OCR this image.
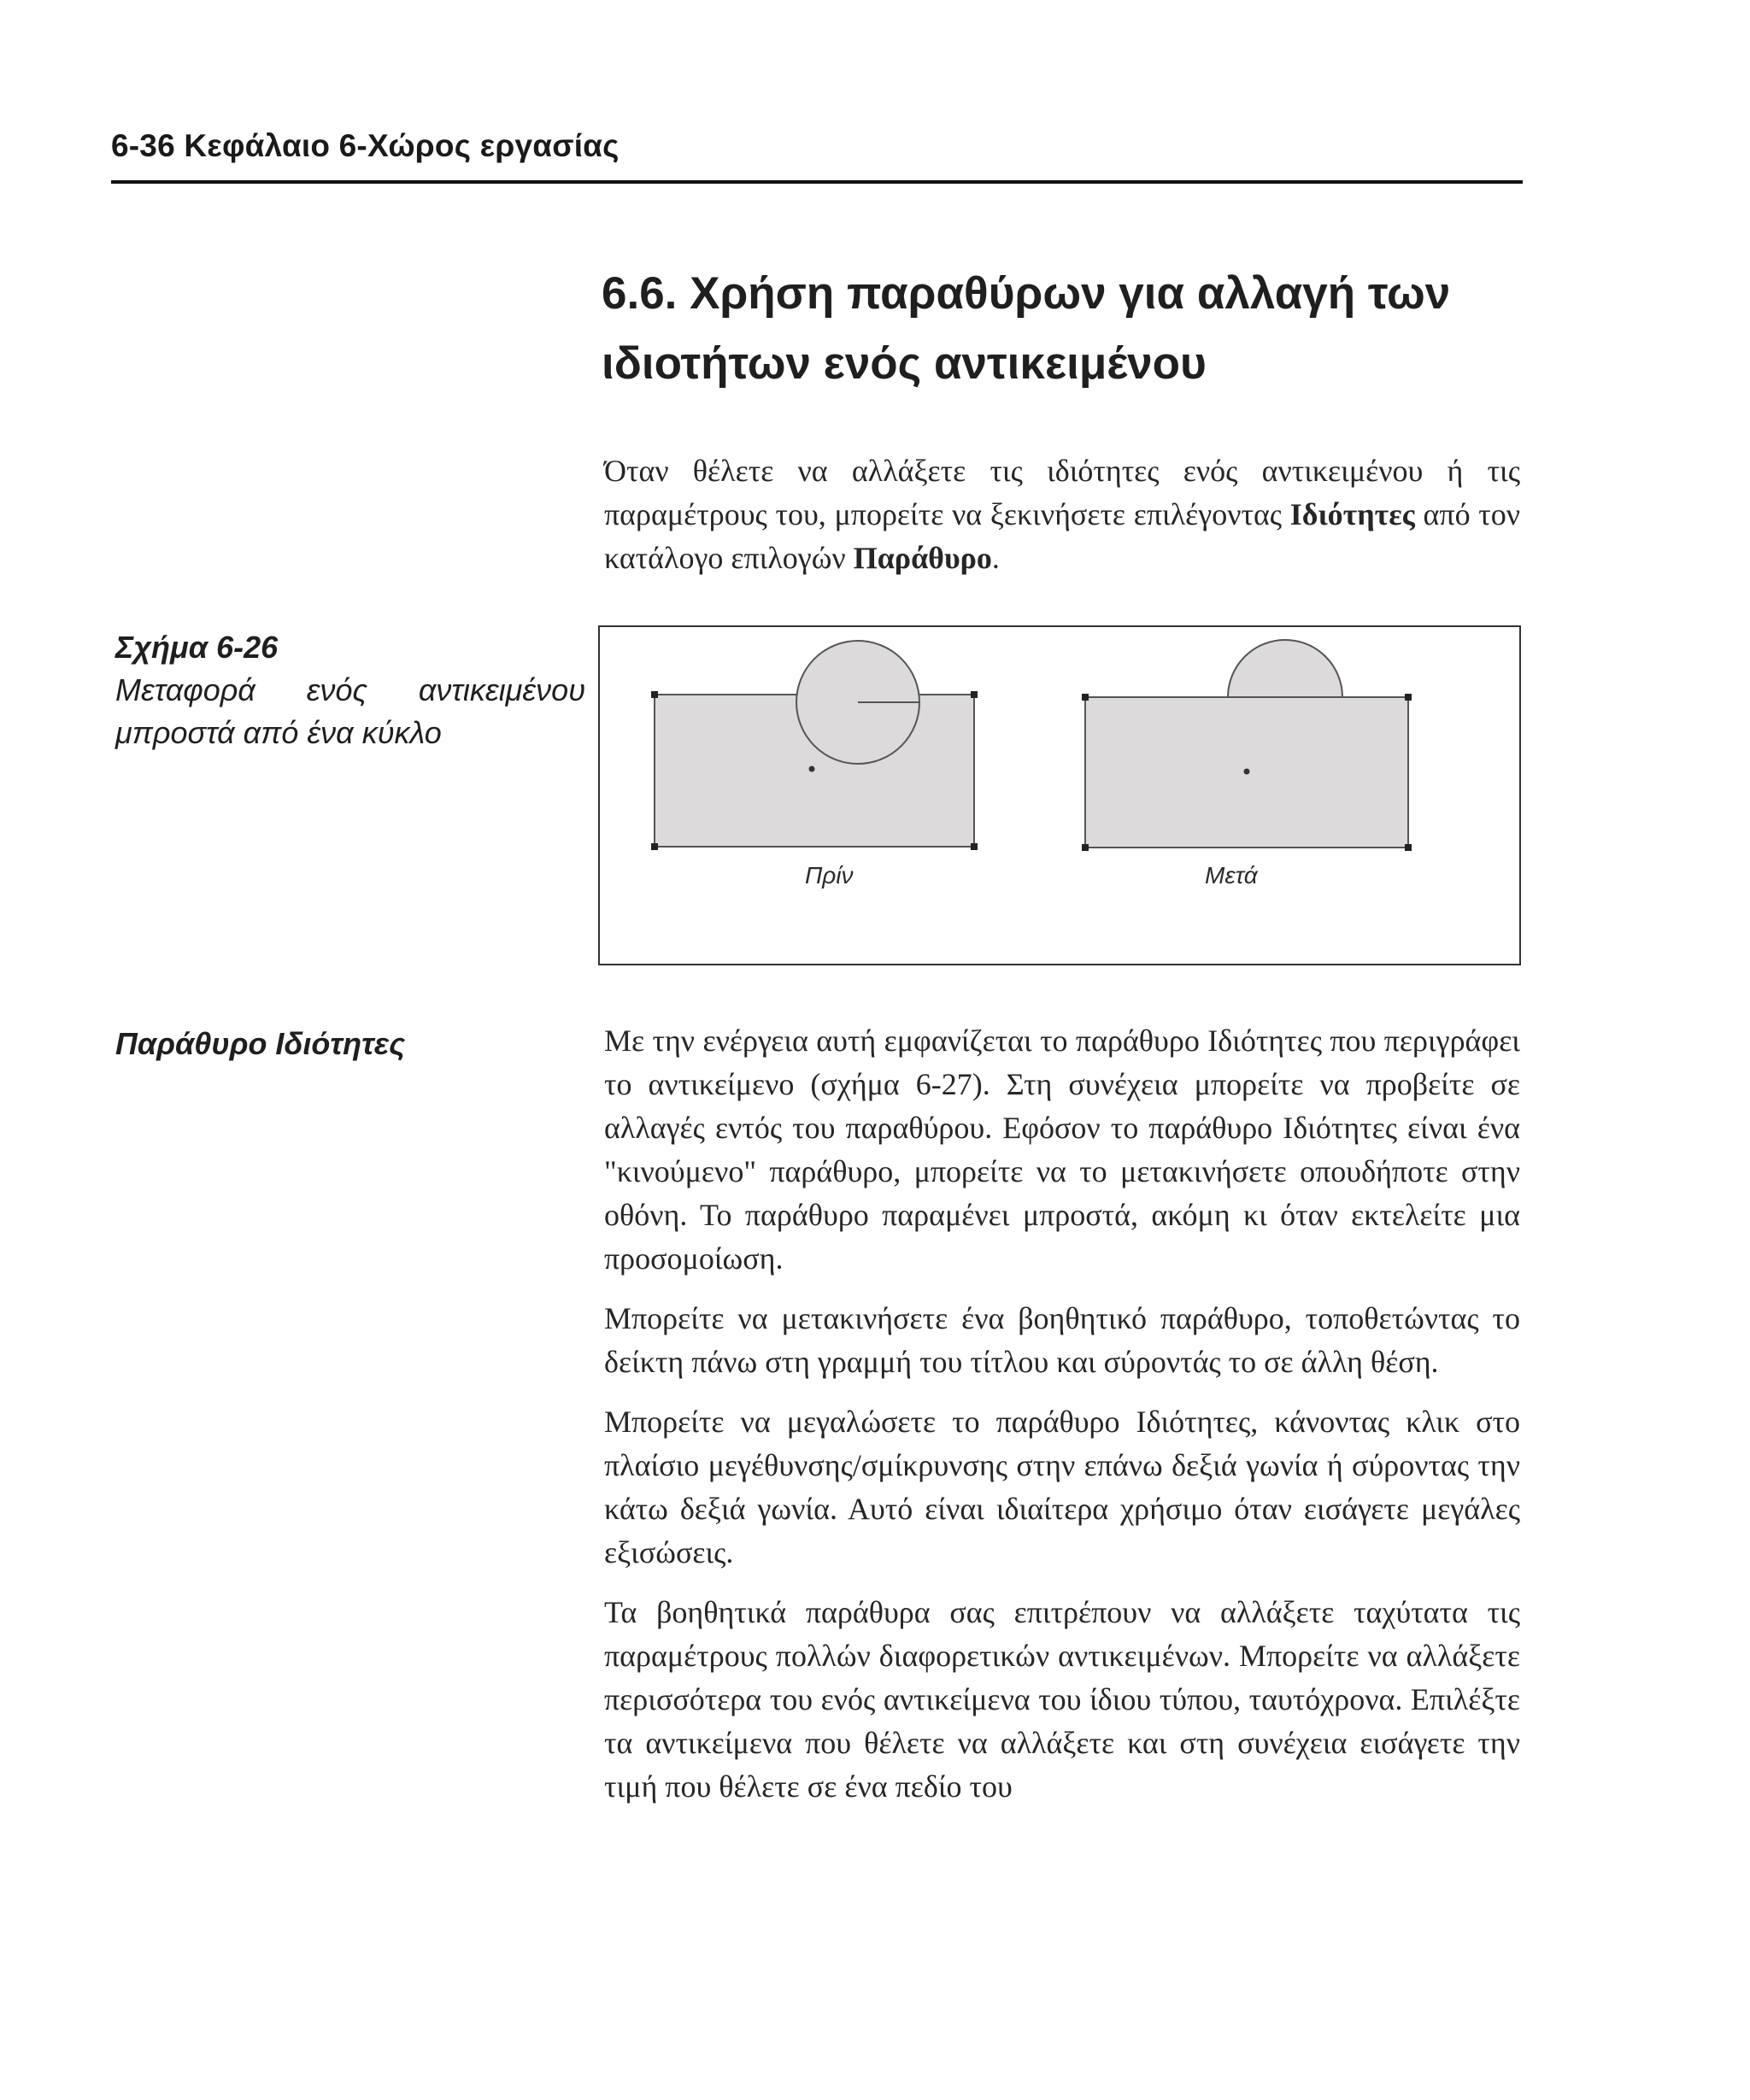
6-36 Κεφάλαιο 6-Χώρος εργασίας
6.6. Χρήση παραθύρων για αλλαγή των
ιδιοτήτων ενός αντικειμένου

Όταν θέλετε να αλλάξετε τις ιδιότητες ενός αντικειμένου ή τις παραμέτρους του, μπορείτε να ξεκινήσετε επιλέγοντας Ιδιότητες από τον κατάλογο επιλογών Παράθυρο.

Σχήμα 6-26
Μεταφορά ενός αντικειμένου μπροστά από ένα κύκλο
Πρίν	Μετά
Παράθυρο Ιδιότητες	Με την ενέργεια αυτή εμφανίζεται το παράθυρο Ιδιότητες που περιγράφει το αντικείμενο (σχήμα 6-27). Στη συνέχεια μπορείτε να προβείτε σε αλλαγές εντός του παραθύρου. Εφόσον το παράθυρο Ιδιότητες είναι ένα "κινούμενο" παράθυρο, μπορείτε να το μετακινήσετε οπουδήποτε στην οθόνη. Το παράθυρο παραμένει μπροστά, ακόμη κι όταν εκτελείτε μια προσομοίωση.

Μπορείτε να μετακινήσετε ένα βοηθητικό παράθυρο, τοποθετώντας το δείκτη πάνω στη γραμμή του τίτλου και σύροντάς το σε άλλη θέση.

Μπορείτε να μεγαλώσετε το παράθυρο Ιδιότητες, κάνοντας κλικ στο πλαίσιο μεγέθυνσης/σμίκρυνσης στην επάνω δεξιά γωνία ή σύροντας την κάτω δεξιά γωνία. Αυτό είναι ιδιαίτερα χρήσιμο όταν εισάγετε μεγάλες εξισώσεις.

Τα βοηθητικά παράθυρα σας επιτρέπουν να αλλάξετε ταχύτατα τις παραμέτρους πολλών διαφορετικών αντικειμένων. Μπορείτε να αλλάξετε περισσότερα του ενός αντικείμενα του ίδιου τύπου, ταυτόχρονα. Επιλέξτε τα αντικείμενα που θέλετε να αλλάξετε και στη συνέχεια εισάγετε την τιμή που θέλετε σε ένα πεδίο του
